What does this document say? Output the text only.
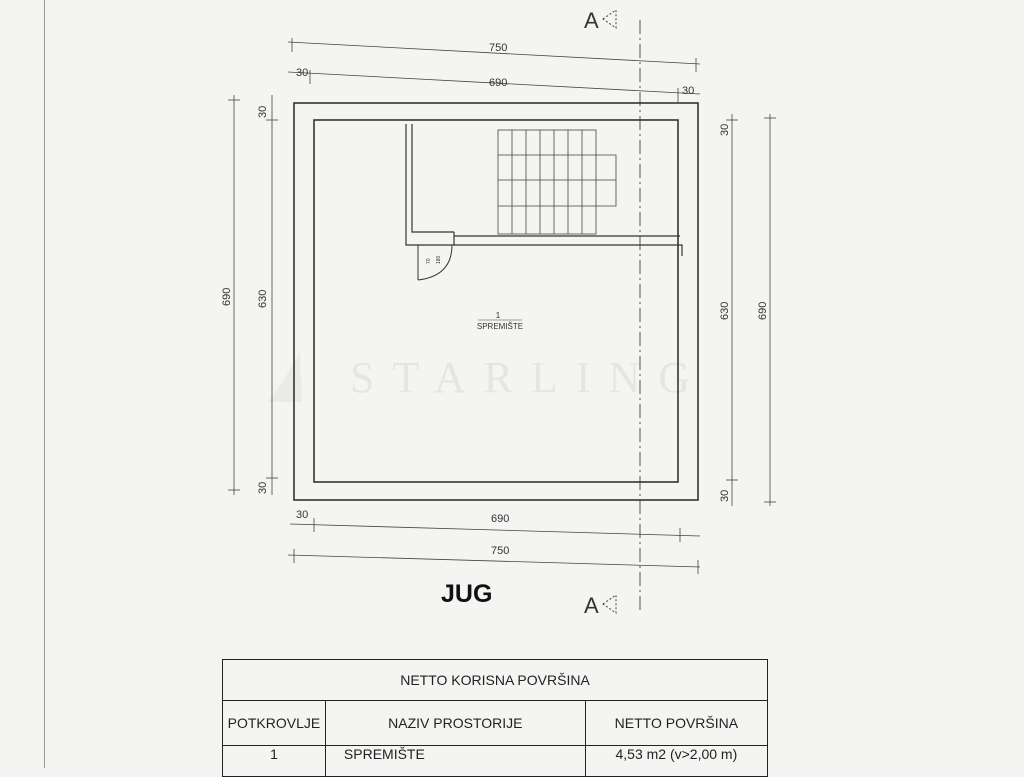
STARLING
A
A
750
30
690
30
70 180
1
SPREMIŠTE
690
30
630
30
30
630
30
690
30	690
750
JUG
NETTO KORISNA POVRŠINA		
POTKROVLJE	NAZIV PROSTORIJE	NETTO POVRŠINA
1	SPREMIŠTE	4,53 m2 (v>2,00 m)
